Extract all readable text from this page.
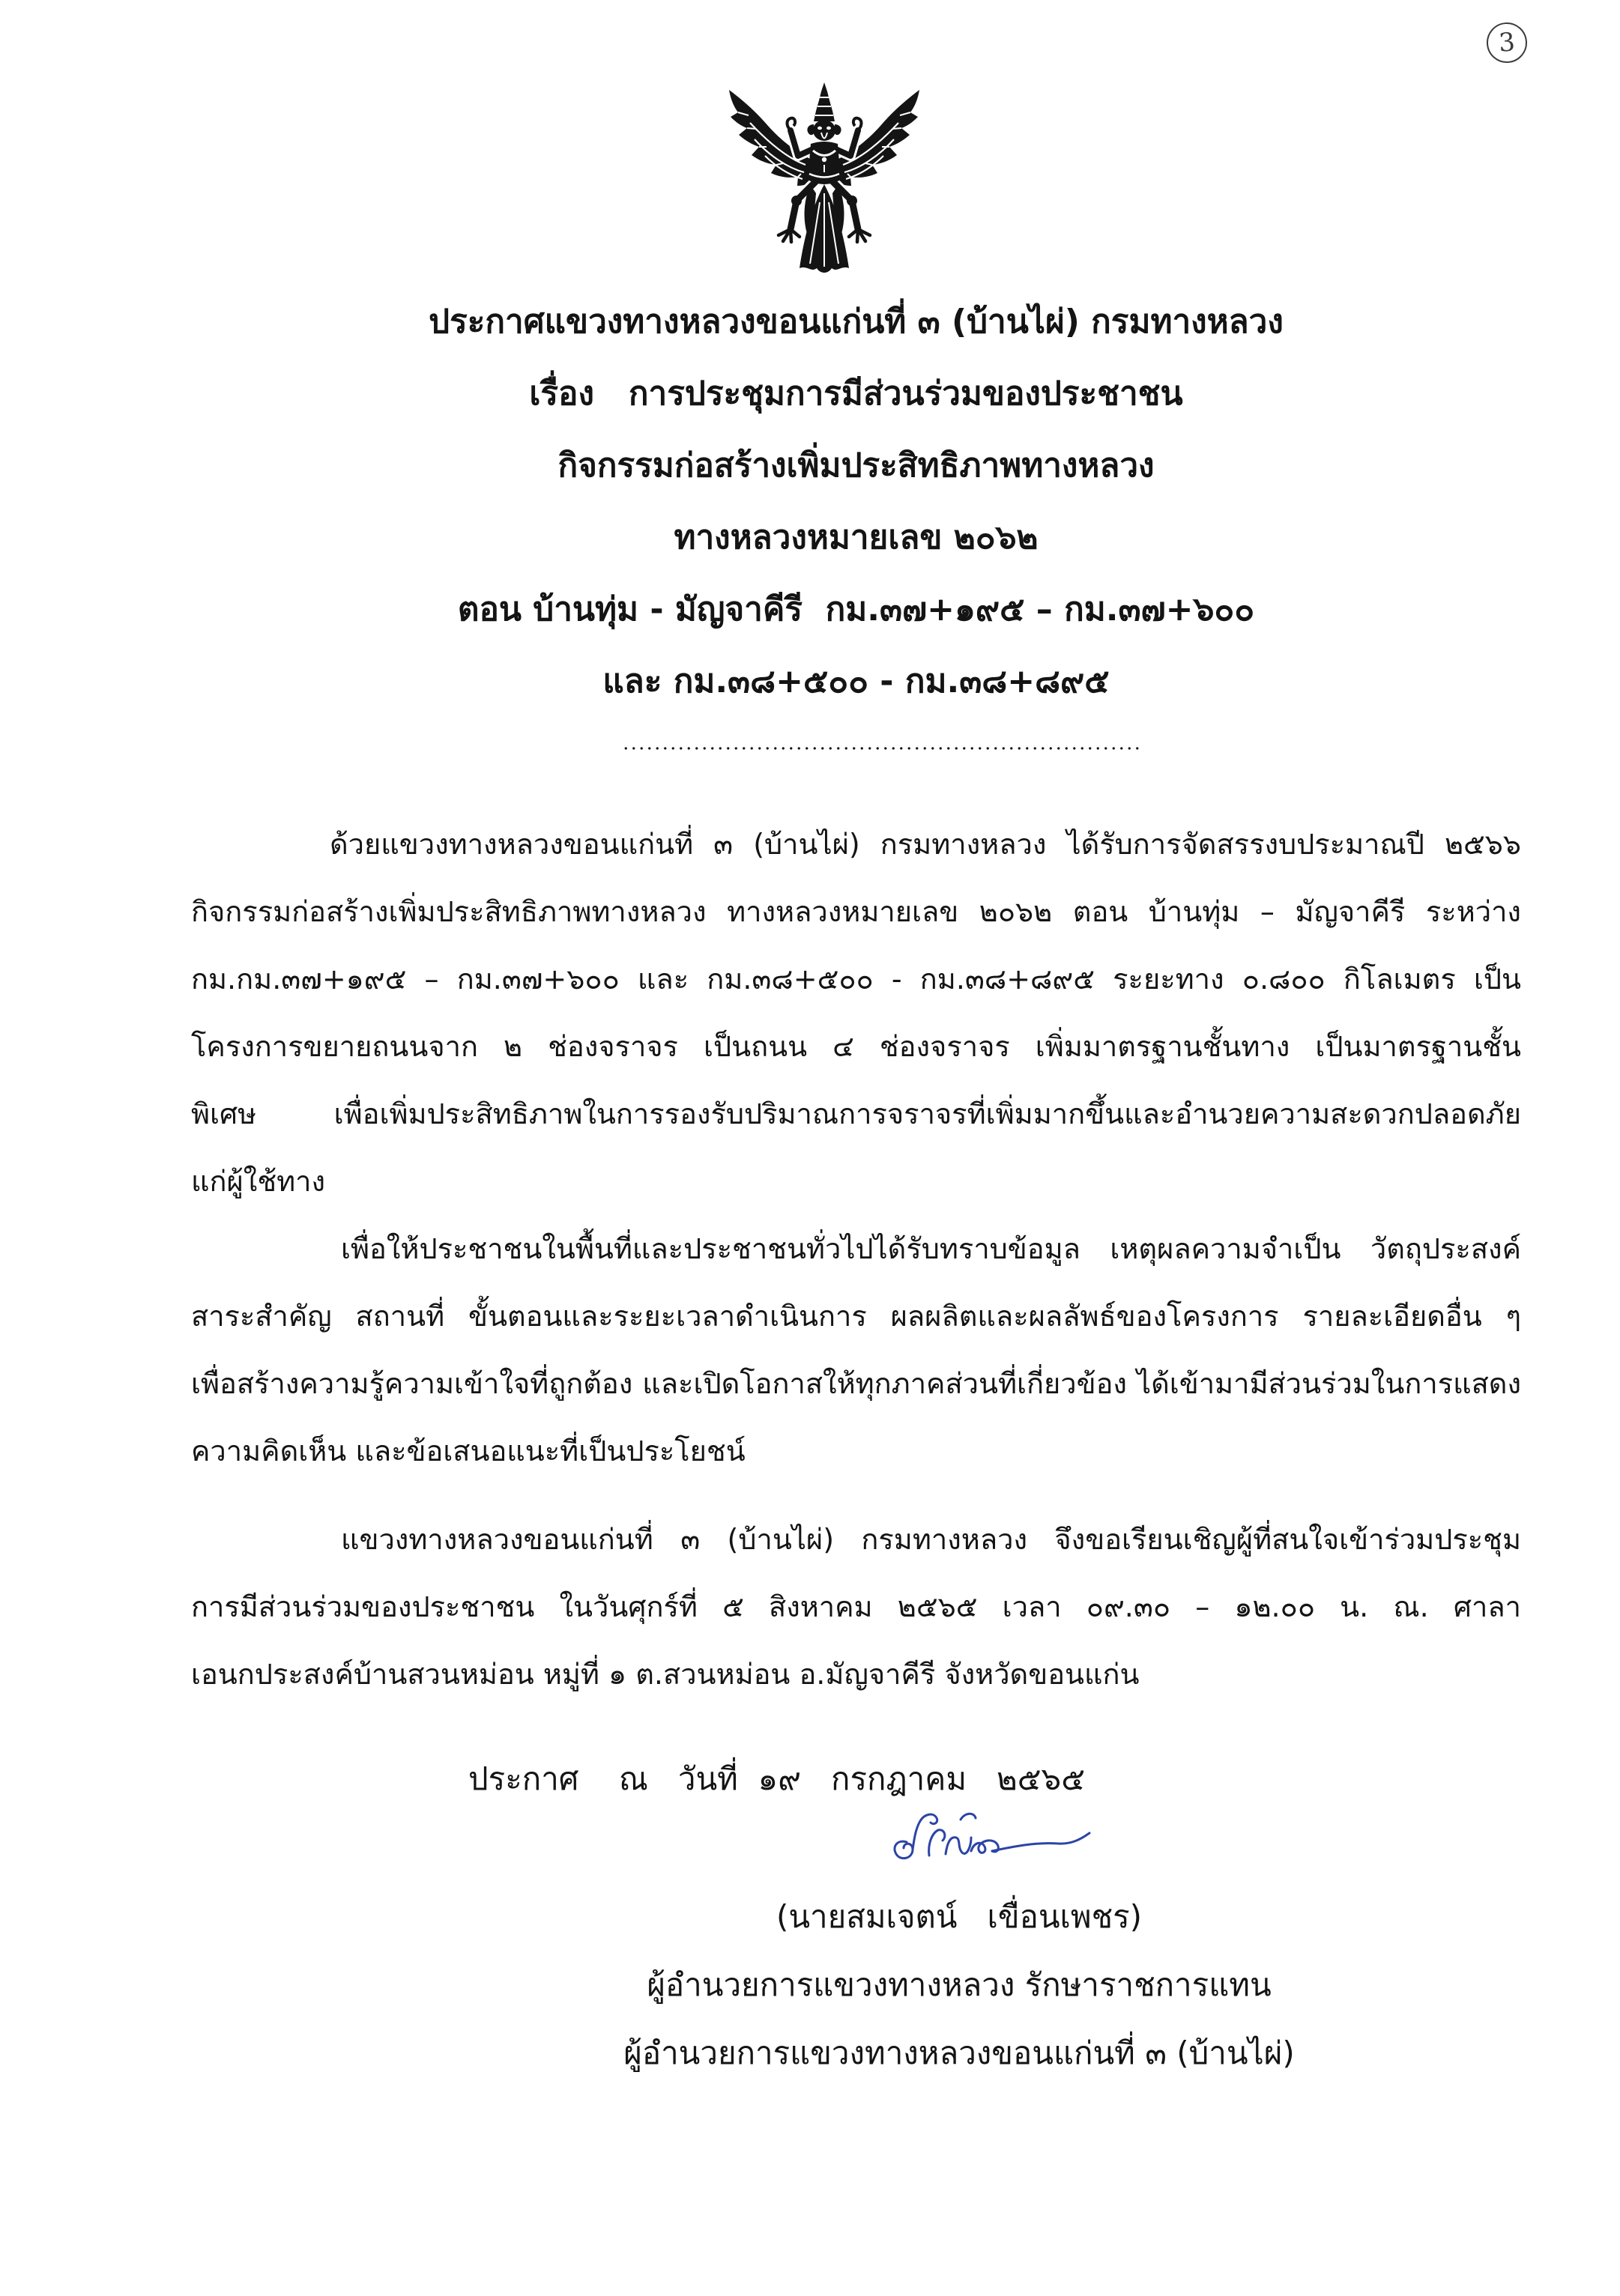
3
ประกาศแขวงทางหลวงขอนแก่นที่ ๓ (บ้านไผ่) กรมทางหลวง
เรื่อง   การประชุมการมีส่วนร่วมของประชาชน
กิจกรรมก่อสร้างเพิ่มประสิทธิภาพทางหลวง
ทางหลวงหมายเลข ๒๐๖๒
ตอน บ้านทุ่ม - มัญจาคีรี  กม.๓๗+๑๙๕ – กม.๓๗+๖๐๐
และ กม.๓๘+๕๐๐ - กม.๓๘+๘๙๕
ด้วยแขวงทางหลวงขอนแก่นที่ ๓ (บ้านไผ่) กรมทางหลวง ได้รับการจัดสรรงบประมาณปี ๒๕๖๖
กิจกรรมก่อสร้างเพิ่มประสิทธิภาพทางหลวง ทางหลวงหมายเลข ๒๐๖๒ ตอน บ้านทุ่ม – มัญจาคีรี ระหว่าง
กม.กม.๓๗+๑๙๕ – กม.๓๗+๖๐๐ และ กม.๓๘+๕๐๐ - กม.๓๘+๘๙๕ ระยะทาง ๐.๘๐๐ กิโลเมตร เป็น
โครงการขยายถนนจาก ๒ ช่องจราจร เป็นถนน ๔ ช่องจราจร เพิ่มมาตรฐานชั้นทาง เป็นมาตรฐานชั้น
พิเศษ เพื่อเพิ่มประสิทธิภาพในการรองรับปริมาณการจราจรที่เพิ่มมากขึ้นและอำนวยความสะดวกปลอดภัย
แก่ผู้ใช้ทาง
เพื่อให้ประชาชนในพื้นที่และประชาชนทั่วไปได้รับทราบข้อมูล เหตุผลความจำเป็น วัตถุประสงค์
สาระสำคัญ สถานที่ ขั้นตอนและระยะเวลาดำเนินการ ผลผลิตและผลลัพธ์ของโครงการ รายละเอียดอื่น ๆ
เพื่อสร้างความรู้ความเข้าใจที่ถูกต้อง และเปิดโอกาสให้ทุกภาคส่วนที่เกี่ยวข้อง ได้เข้ามามีส่วนร่วมในการแสดง
ความคิดเห็น และข้อเสนอแนะที่เป็นประโยชน์
แขวงทางหลวงขอนแก่นที่ ๓ (บ้านไผ่) กรมทางหลวง จึงขอเรียนเชิญผู้ที่สนใจเข้าร่วมประชุม
การมีส่วนร่วมของประชาชน ในวันศุกร์ที่ ๕ สิงหาคม ๒๕๖๕ เวลา ๐๙.๓๐ – ๑๒.๐๐ น. ณ. ศาลา
เอนกประสงค์บ้านสวนหม่อน หมู่ที่ ๑ ต.สวนหม่อน อ.มัญจาคีรี จังหวัดขอนแก่น
ประกาศ    ณ   วันที่  ๑๙   กรกฎาคม   ๒๕๖๕
(นายสมเจตน์   เขื่อนเพชร)
ผู้อำนวยการแขวงทางหลวง รักษาราชการแทน
ผู้อำนวยการแขวงทางหลวงขอนแก่นที่ ๓ (บ้านไผ่)
